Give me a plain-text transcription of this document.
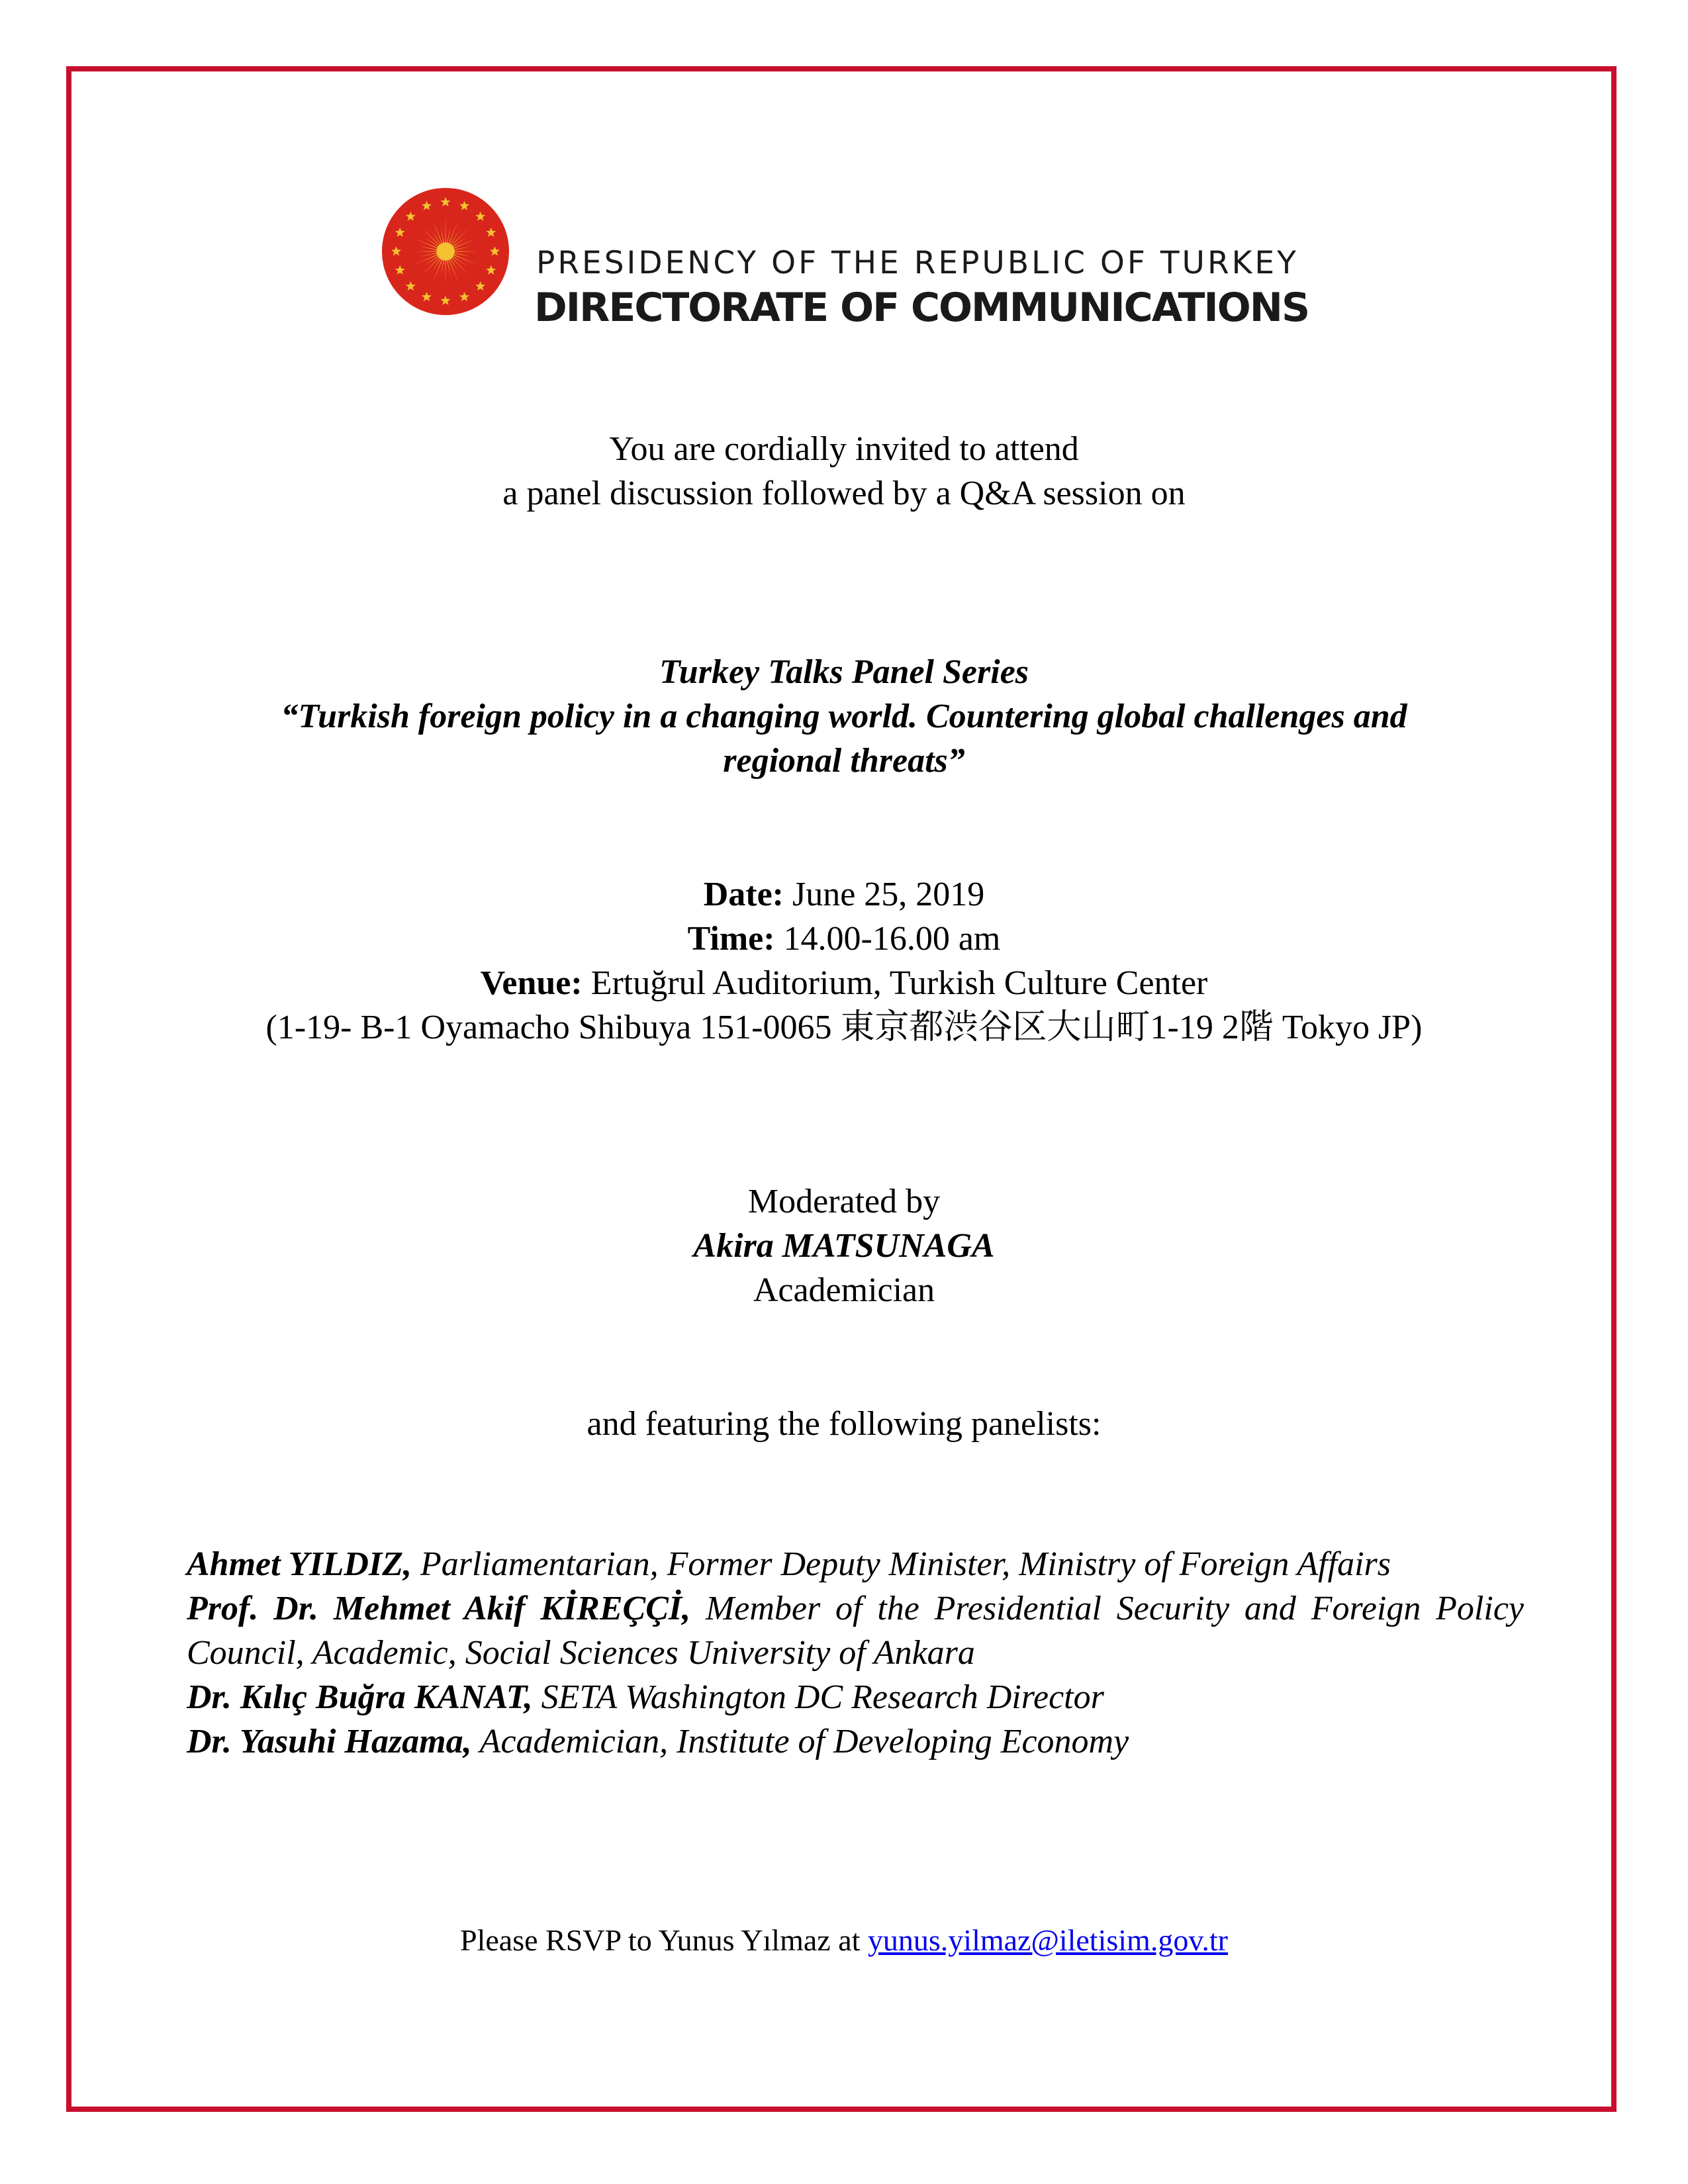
PRESIDENCY OF THE REPUBLIC OF TURKEY
DIRECTORATE OF COMMUNICATIONS
You are cordially invited to attend
a panel discussion followed by a Q&A session on
Turkey Talks Panel Series
“Turkish foreign policy in a changing world. Countering global challenges and
regional threats”
Date: June 25, 2019
Time: 14.00-16.00 am
Venue: Ertuğrul Auditorium, Turkish Culture Center
(1-19- B-1 Oyamacho Shibuya 151-0065 東京都渋谷区大山町1-19 2階 Tokyo JP)
Moderated by
Akira MATSUNAGA
Academician
and featuring the following panelists:
Ahmet YILDIZ, Parliamentarian, Former Deputy Minister, Ministry of Foreign Affairs
Prof. Dr. Mehmet Akif KİREÇÇİ, Member of the Presidential Security and Foreign Policy Council, Academic, Social Sciences University of Ankara
Dr. Kılıç Buğra KANAT, SETA Washington DC Research Director
Dr. Yasuhi Hazama, Academician, Institute of Developing Economy
Please RSVP to Yunus Yılmaz at yunus.yilmaz@iletisim.gov.tr
